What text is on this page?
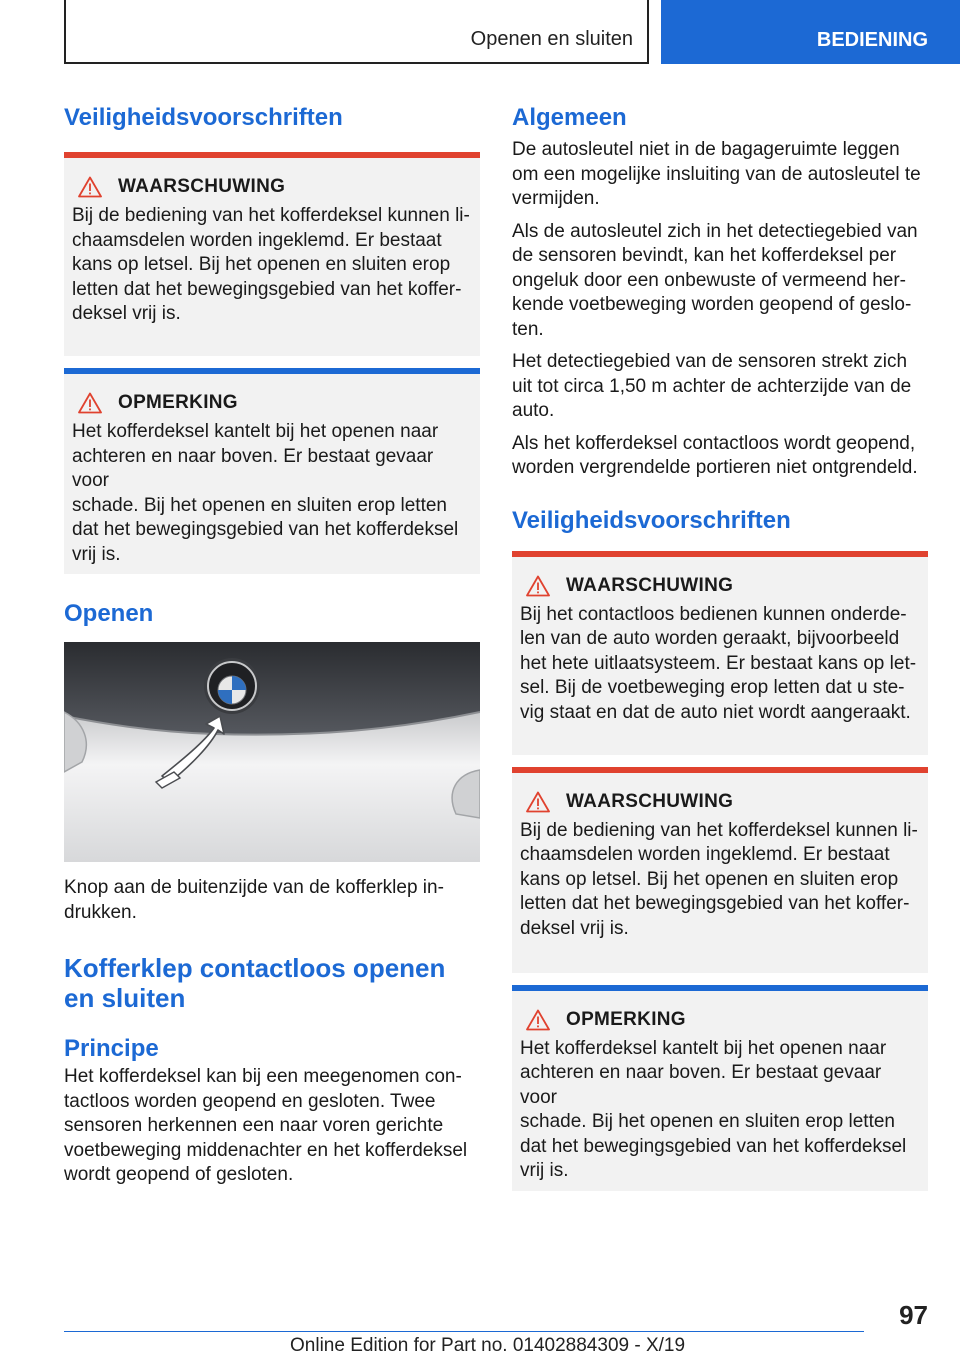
Openen en sluiten	BEDIENING
Veiligheidsvoorschriften
WAARSCHUWING

Bij de bediening van het kofferdeksel kunnen li-
chaamsdelen worden ingeklemd. Er bestaat
kans op letsel. Bij het openen en sluiten erop
letten dat het bewegingsgebied van het koffer-
deksel vrij is.

OPMERKING

Het kofferdeksel kantelt bij het openen naar
achteren en naar boven. Er bestaat gevaar voor
schade. Bij het openen en sluiten erop letten
dat het bewegingsgebied van het kofferdeksel
vrij is.

Openen

Knop aan de buitenzijde van de kofferklep in-
drukken.

Kofferklep contactloos openen
en sluiten
Principe

Het kofferdeksel kan bij een meegenomen con-
tactloos worden geopend en gesloten. Twee
sensoren herkennen een naar voren gerichte
voetbeweging middenachter en het kofferdeksel
wordt geopend of gesloten.

Algemeen

De autosleutel niet in de bagageruimte leggen
om een mogelijke insluiting van de autosleutel te
vermijden.

Als de autosleutel zich in het detectiegebied van
de sensoren bevindt, kan het kofferdeksel per
ongeluk door een onbewuste of vermeend her-
kende voetbeweging worden geopend of geslo-
ten.

Het detectiegebied van de sensoren strekt zich
uit tot circa 1,50 m achter de achterzijde van de
auto.

Als het kofferdeksel contactloos wordt geopend,
worden vergrendelde portieren niet ontgrendeld.

Veiligheidsvoorschriften
WAARSCHUWING

Bij het contactloos bedienen kunnen onderde-
len van de auto worden geraakt, bijvoorbeeld
het hete uitlaatsysteem. Er bestaat kans op let-
sel. Bij de voetbeweging erop letten dat u ste-
vig staat en dat de auto niet wordt aangeraakt.

WAARSCHUWING

Bij de bediening van het kofferdeksel kunnen li-
chaamsdelen worden ingeklemd. Er bestaat
kans op letsel. Bij het openen en sluiten erop
letten dat het bewegingsgebied van het koffer-
deksel vrij is.

OPMERKING

Het kofferdeksel kantelt bij het openen naar
achteren en naar boven. Er bestaat gevaar voor
schade. Bij het openen en sluiten erop letten
dat het bewegingsgebied van het kofferdeksel
vrij is.

97
Online Edition for Part no. 01402884309 - X/19
